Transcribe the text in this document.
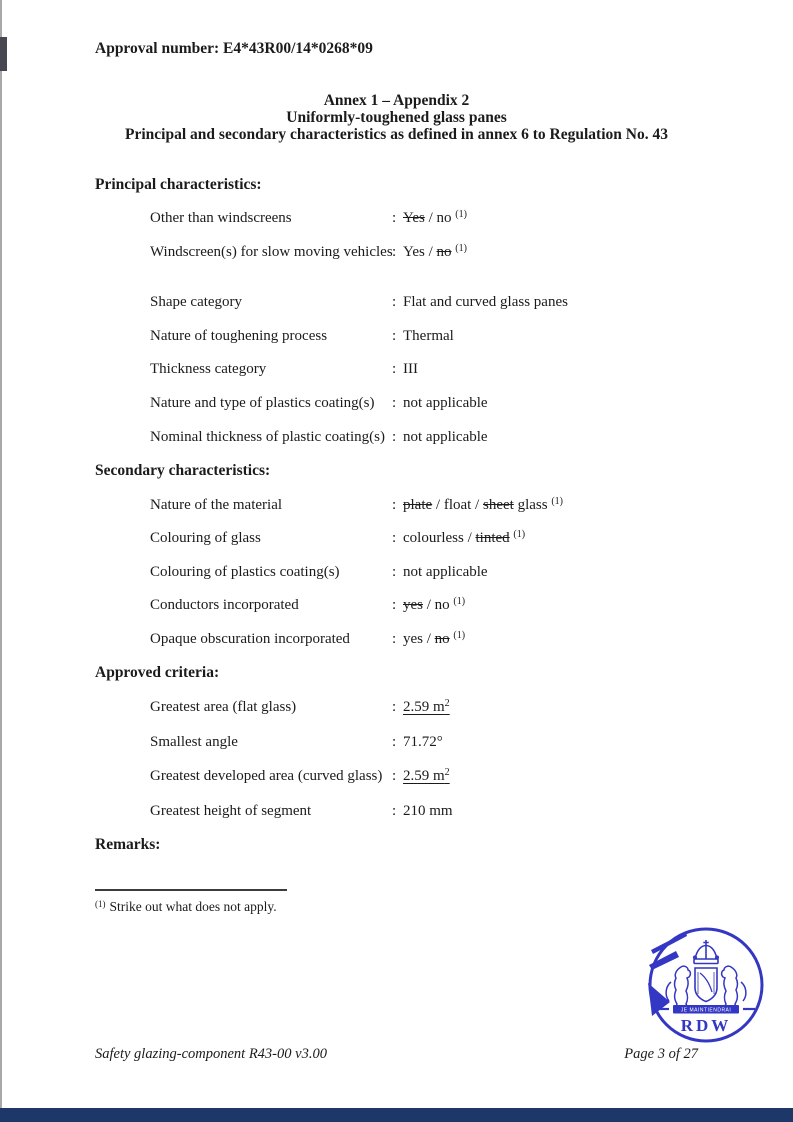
Approval number: E4*43R00/14*0268*09
Annex 1 – Appendix 2
Uniformly-toughened glass panes
Principal and secondary characteristics as defined in annex 6 to Regulation No. 43
Principal characteristics:
Other than windscreens	: Yes / no $^{(1)}$
Windscreen(s) for slow moving vehicles : Yes / no $^{(1)}$
Shape category	: Flat and curved glass panes
Nature of toughening process	: Thermal
Thickness category	: III
Nature and type of plastics coating(s) : not applicable
Nominal thickness of plastic coating(s) : not applicable
Secondary characteristics:
Nature of the material	: plate / float / sheet glass $^{(1)}$
Colouring of glass	: colourless / tinted $^{(1)}$
Colouring of plastics coating(s)	: not applicable
Conductors incorporated	: yes / no $^{(1)}$
Opaque obscuration incorporated	: yes / no $^{(1)}$
Approved criteria:
Greatest area (flat glass)	: 2.59 $m^2$
Smallest angle	: 71.72°
Greatest developed area (curved glass) : 2.59 $m^2$
Greatest height of segment	: 210 mm
Remarks:
$^{(1)}$ Strike out what does not apply.
JE MAINTIENDRAI
RDW
Safety glazing-component R43-00 v3.00	Page 3 of 27
